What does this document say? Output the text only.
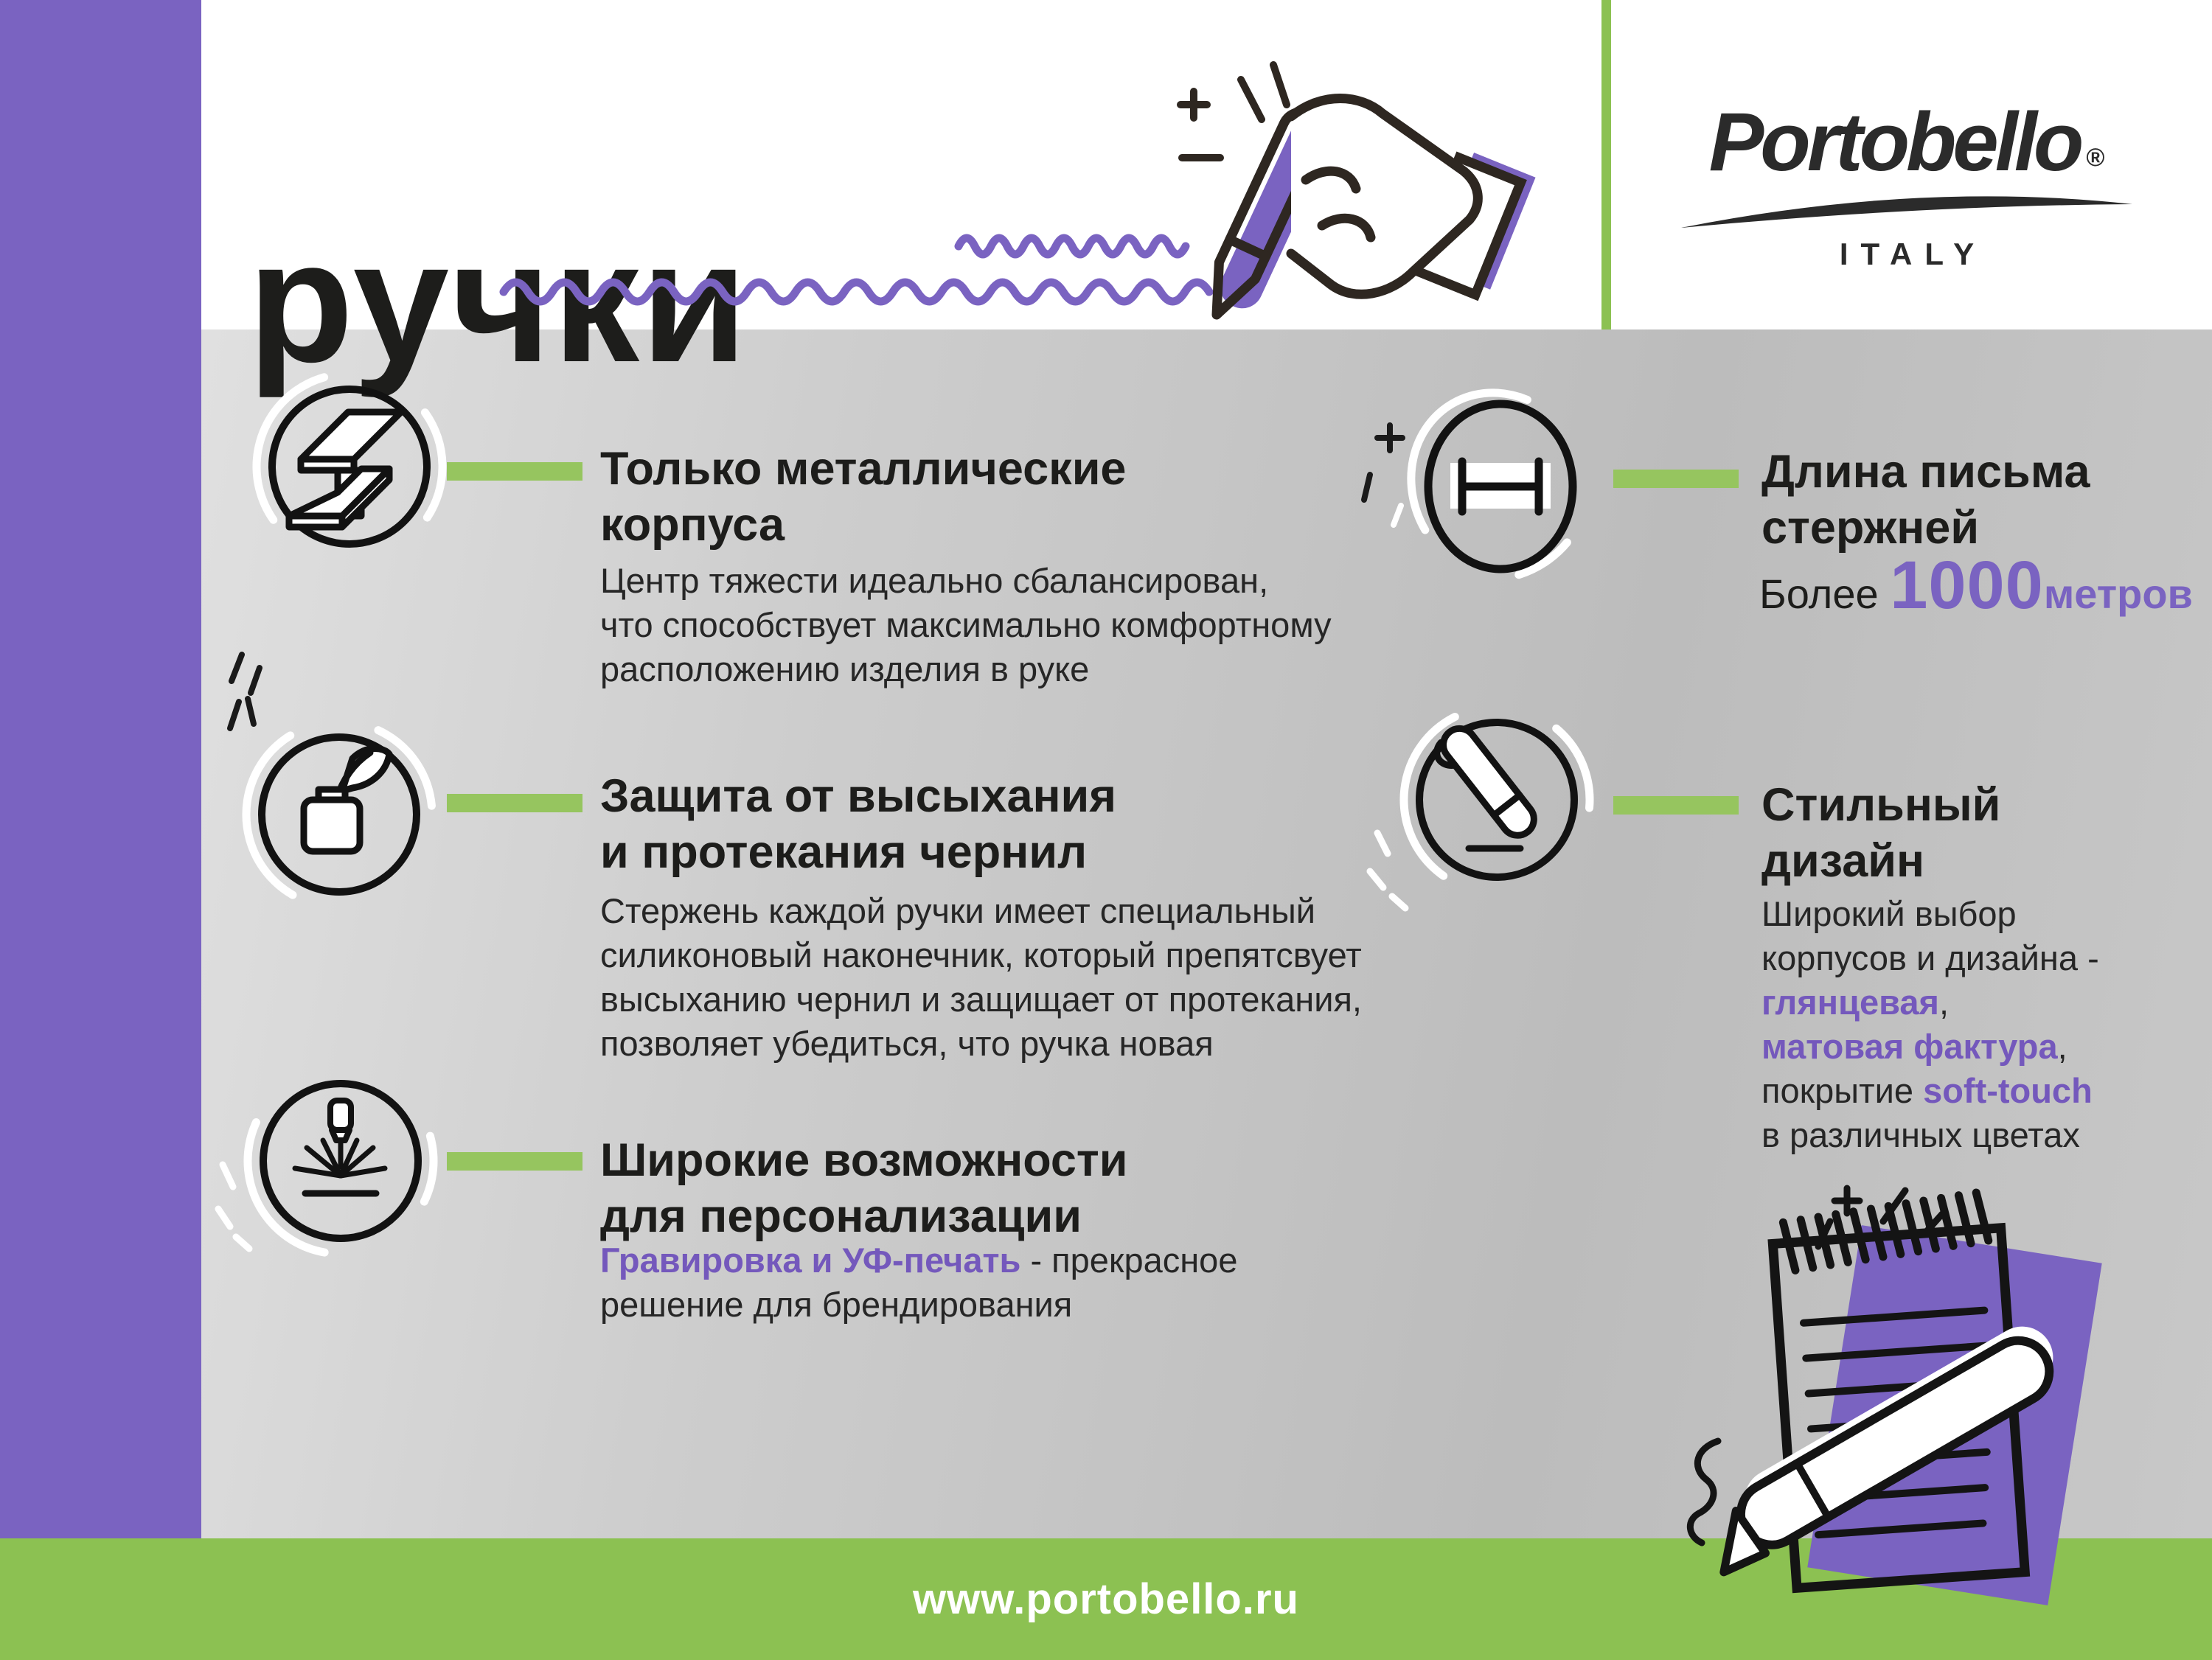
ручки
Portobello ®
ITALY
Только металлические
корпуса
Центр тяжести идеально сбалансирован,
что способствует максимально комфортному
расположению изделия в руке
Защита от высыхания
и протекания чернил
Стержень каждой ручки имеет специальный
силиконовый наконечник, который препятсвует
высыханию чернил и защищает от протекания,
позволяет убедиться, что ручка новая
Широкие возможности
для персонализации
Гравировка и УФ-печать - прекрасное
решение для брендирования
Длина письма
стержней
Более 1000метров
Стильный
дизайн
Широкий выбор
корпусов и дизайна -
глянцевая,
матовая фактура,
покрытие soft-touch
в различных цветах
www.portobello.ru
